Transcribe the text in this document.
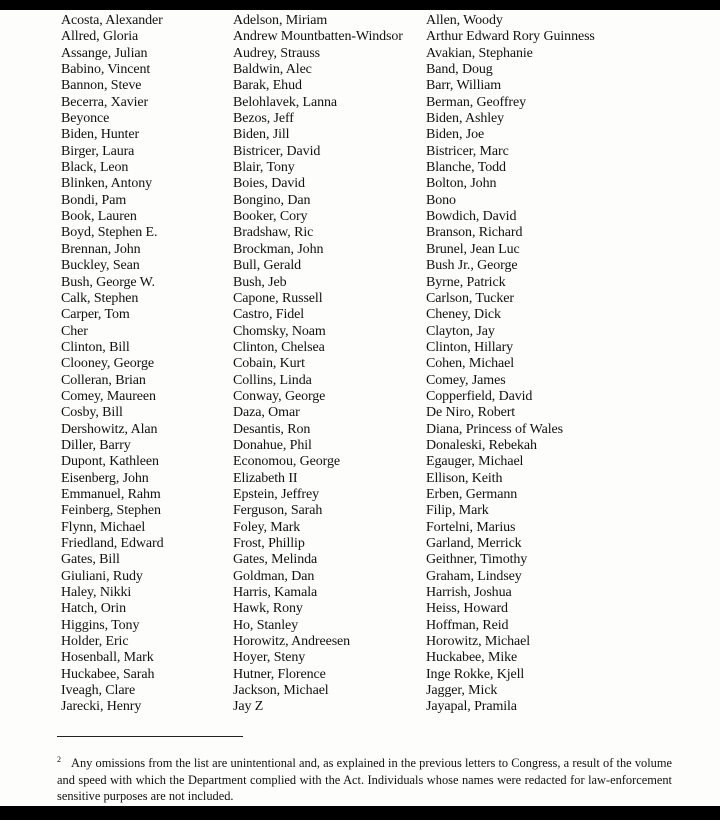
Acosta, Alexander
Allred, Gloria
Assange, Julian
Babino, Vincent
Bannon, Steve
Becerra, Xavier
Beyonce
Biden, Hunter
Birger, Laura
Black, Leon
Blinken, Antony
Bondi, Pam
Book, Lauren
Boyd, Stephen E.
Brennan, John
Buckley, Sean
Bush, George W.
Calk, Stephen
Carper, Tom
Cher
Clinton, Bill
Clooney, George
Colleran, Brian
Comey, Maureen
Cosby, Bill
Dershowitz, Alan
Diller, Barry
Dupont, Kathleen
Eisenberg, John
Emmanuel, Rahm
Feinberg, Stephen
Flynn, Michael
Friedland, Edward
Gates, Bill
Giuliani, Rudy
Haley, Nikki
Hatch, Orin
Higgins, Tony
Holder, Eric
Hosenball, Mark
Huckabee, Sarah
Iveagh, Clare
Jarecki, Henry
Adelson, Miriam
Andrew Mountbatten-Windsor
Audrey, Strauss
Baldwin, Alec
Barak, Ehud
Belohlavek, Lanna
Bezos, Jeff
Biden, Jill
Bistricer, David
Blair, Tony
Boies, David
Bongino, Dan
Booker, Cory
Bradshaw, Ric
Brockman, John
Bull, Gerald
Bush, Jeb
Capone, Russell
Castro, Fidel
Chomsky, Noam
Clinton, Chelsea
Cobain, Kurt
Collins, Linda
Conway, George
Daza, Omar
Desantis, Ron
Donahue, Phil
Economou, George
Elizabeth II
Epstein, Jeffrey
Ferguson, Sarah
Foley, Mark
Frost, Phillip
Gates, Melinda
Goldman, Dan
Harris, Kamala
Hawk, Rony
Ho, Stanley
Horowitz, Andreesen
Hoyer, Steny
Hutner, Florence
Jackson, Michael
Jay Z
Allen, Woody
Arthur Edward Rory Guinness
Avakian, Stephanie
Band, Doug
Barr, William
Berman, Geoffrey
Biden, Ashley
Biden, Joe
Bistricer, Marc
Blanche, Todd
Bolton, John
Bono
Bowdich, David
Branson, Richard
Brunel, Jean Luc
Bush Jr., George
Byrne, Patrick
Carlson, Tucker
Cheney, Dick
Clayton, Jay
Clinton, Hillary
Cohen, Michael
Comey, James
Copperfield, David
De Niro, Robert
Diana, Princess of Wales
Donaleski, Rebekah
Egauger, Michael
Ellison, Keith
Erben, Germann
Filip, Mark
Fortelni, Marius
Garland, Merrick
Geithner, Timothy
Graham, Lindsey
Harrish, Joshua
Heiss, Howard
Hoffman, Reid
Horowitz, Michael
Huckabee, Mike
Inge Rokke, Kjell
Jagger, Mick
Jayapal, Pramila
$^2$ Any omissions from the list are unintentional and, as explained in the previous letters to Congress, a result of the volume and speed with which the Department complied with the Act. Individuals whose names were redacted for law-enforcement sensitive purposes are not included.
